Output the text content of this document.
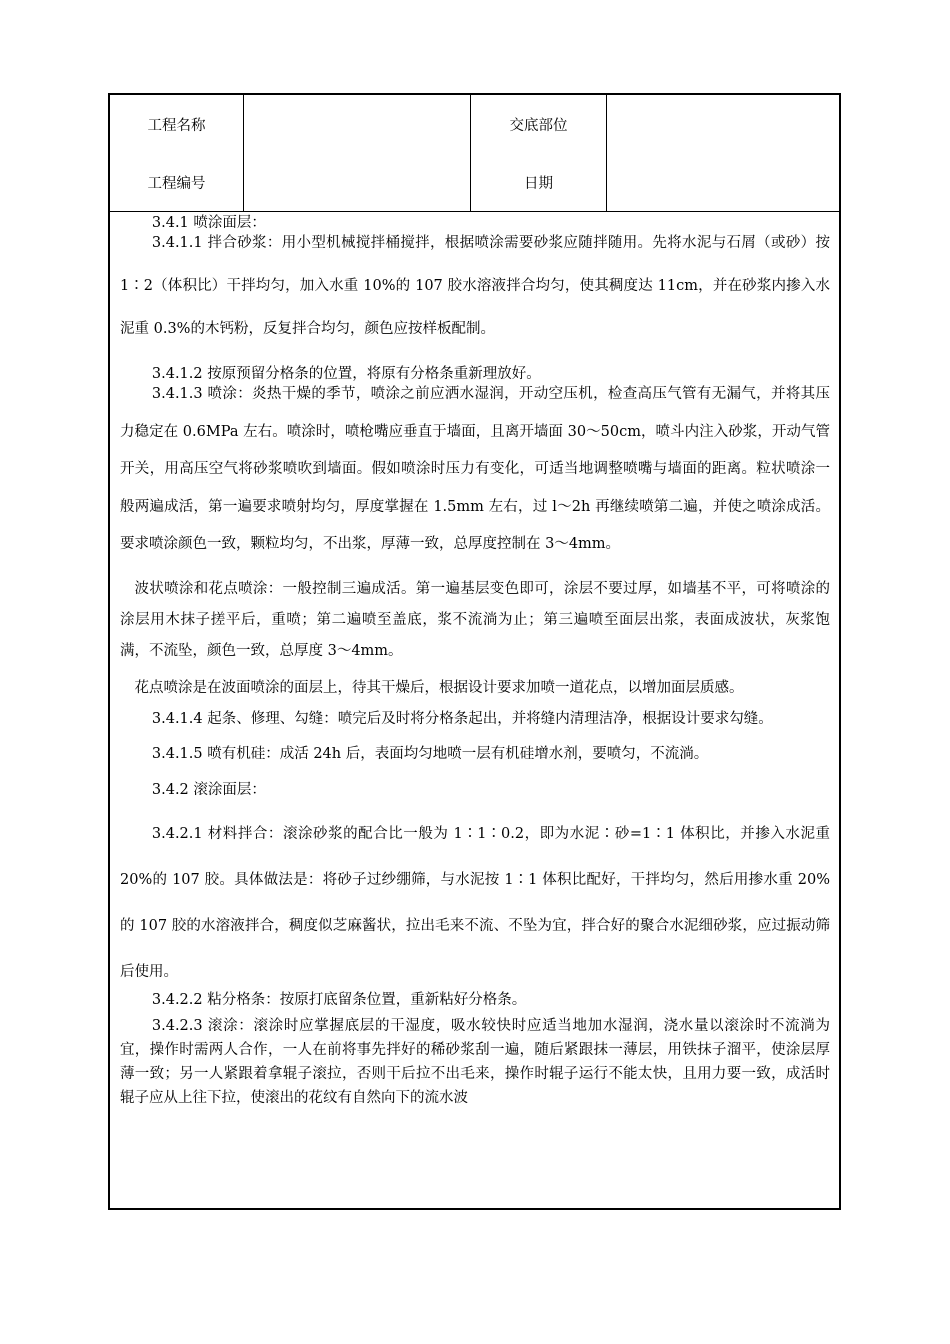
工程名称	交底部位
工程编号	日期

3.4.1 喷涂面层：

3.4.1.1 拌合砂浆：用小型机械搅拌桶搅拌，根据喷涂需要砂浆应随拌随用。先将水泥与石屑（或砂）按 1∶2（体积比）干拌均匀，加入水重 10%的 107 胶水溶液拌合均匀，使其稠度达 11cm，并在砂浆内掺入水泥重 0.3%的木钙粉，反复拌合均匀，颜色应按样板配制。

3.4.1.2 按原预留分格条的位置，将原有分格条重新理放好。

3.4.1.3 喷涂：炎热干燥的季节，喷涂之前应洒水湿润，开动空压机，检查高压气管有无漏气，并将其压力稳定在 0.6MPa 左右。喷涂时，喷枪嘴应垂直于墙面，且离开墙面 30～50cm，喷斗内注入砂浆，开动气管开关，用高压空气将砂浆喷吹到墙面。假如喷涂时压力有变化，可适当地调整喷嘴与墙面的距离。粒状喷涂一般两遍成活，第一遍要求喷射均匀，厚度掌握在 1.5mm 左右，过 l～2h 再继续喷第二遍，并使之喷涂成活。要求喷涂颜色一致，颗粒均匀，不出浆，厚薄一致，总厚度控制在 3～4mm。

波状喷涂和花点喷涂：一般控制三遍成活。第一遍基层变色即可，涂层不要过厚，如墙基不平，可将喷涂的涂层用木抹子搓平后，重喷；第二遍喷至盖底，浆不流淌为止；第三遍喷至面层出浆，表面成波状，灰浆饱满，不流坠，颜色一致，总厚度 3～4mm。

花点喷涂是在波面喷涂的面层上，待其干燥后，根据设计要求加喷一道花点，以增加面层质感。

3.4.1.4 起条、修理、勾缝：喷完后及时将分格条起出，并将缝内清理洁净，根据设计要求勾缝。

3.4.1.5 喷有机硅：成活 24h 后，表面均匀地喷一层有机硅增水剂，要喷匀，不流淌。

3.4.2 滚涂面层：

3.4.2.1 材料拌合：滚涂砂浆的配合比一般为 1∶1∶0.2，即为水泥∶砂=1∶1 体积比，并掺入水泥重 20%的 107 胶。具体做法是：将砂子过纱绷筛，与水泥按 1∶1 体积比配好，干拌均匀，然后用掺水重 20%的 107 胶的水溶液拌合，稠度似芝麻酱状，拉出毛来不流、不坠为宜，拌合好的聚合水泥细砂浆，应过振动筛后使用。

3.4.2.2 粘分格条：按原打底留条位置，重新粘好分格条。

3.4.2.3 滚涂：滚涂时应掌握底层的干湿度，吸水较快时应适当地加水湿润，浇水量以滚涂时不流淌为宜，操作时需两人合作，一人在前将事先拌好的稀砂浆刮一遍，随后紧跟抹一薄层，用铁抹子溜平，使涂层厚薄一致；另一人紧跟着拿辊子滚拉，否则干后拉不出毛来，操作时辊子运行不能太快，且用力要一致，成活时辊子应从上往下拉，使滚出的花纹有自然向下的流水波
